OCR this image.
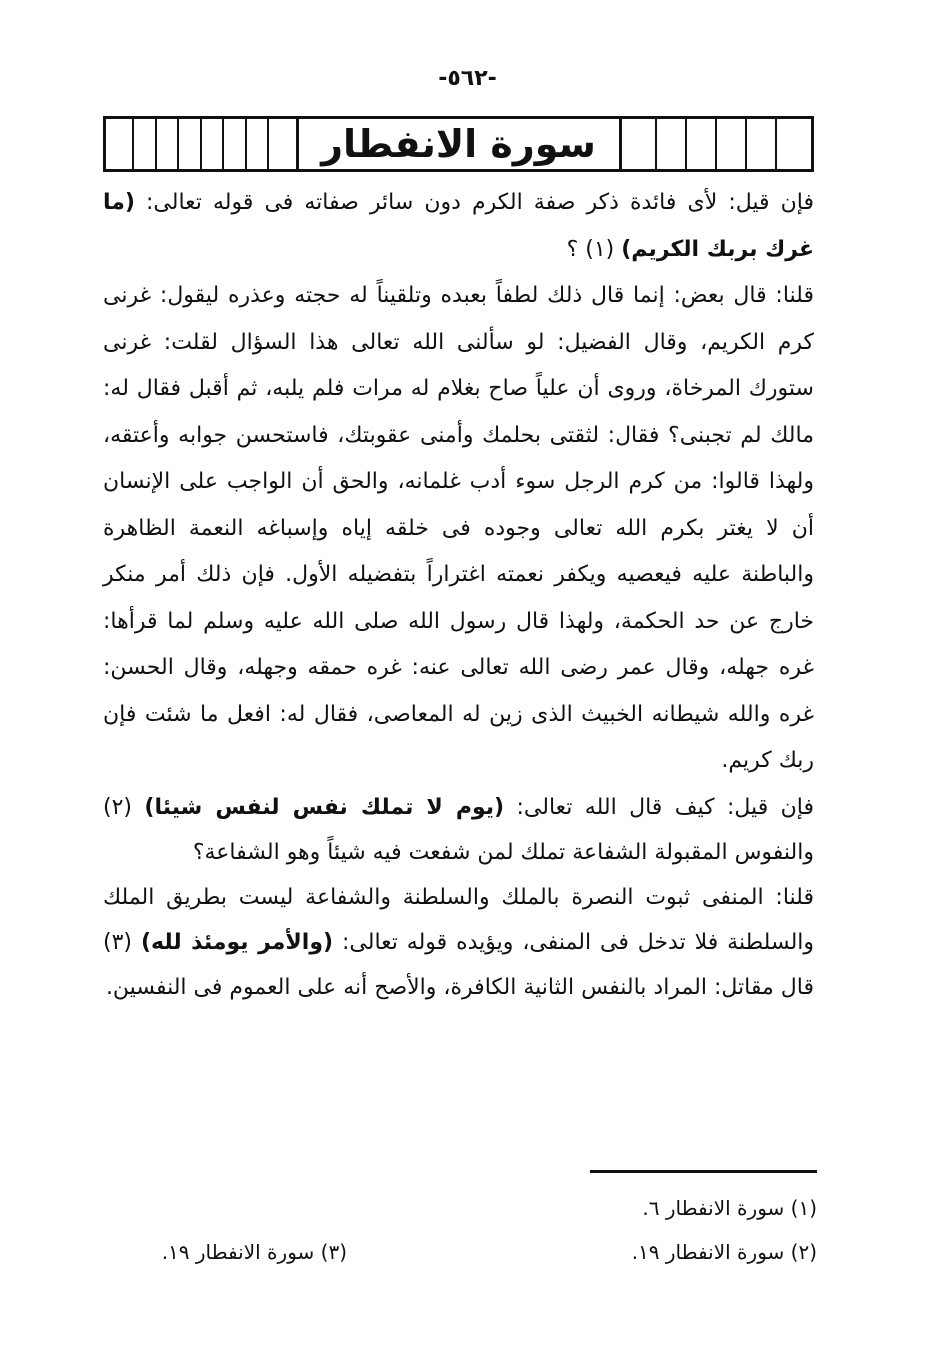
-٥٦٢-
سورة الانفطار

فإن قيل: لأى فائدة ذكر صفة الكرم دون سائر صفاته فى قوله تعالى: (ما غرك بربك الكريم) (١) ؟

قلنا: قال بعض: إنما قال ذلك لطفاً بعبده وتلقيناً له حجته وعذره ليقول: غرنى كرم الكريم، وقال الفضيل: لو سألنى الله تعالى هذا السؤال لقلت: غرنى ستورك المرخاة، وروى أن علياً صاح بغلام له مرات فلم يلبه، ثم أقبل فقال له: مالك لم تجبنى؟ فقال: لثقتى بحلمك وأمنى عقوبتك، فاستحسن جوابه وأعتقه، ولهذا قالوا: من كرم الرجل سوء أدب غلمانه، والحق أن الواجب على الإنسان أن لا يغتر بكرم الله تعالى وجوده فى خلقه إياه وإسباغه النعمة الظاهرة والباطنة عليه فيعصيه ويكفر نعمته اغتراراً بتفضيله الأول. فإن ذلك أمر منكر خارج عن حد الحكمة، ولهذا قال رسول الله صلى الله عليه وسلم لما قرأها: غره جهله، وقال عمر رضى الله تعالى عنه: غره حمقه وجهله، وقال الحسن: غره والله شيطانه الخبيث الذى زين له المعاصى، فقال له: افعل ما شئت فإن ربك كريم.

فإن قيل: كيف قال الله تعالى: (يوم لا تملك نفس لنفس شيئا) (٢) والنفوس المقبولة الشفاعة تملك لمن شفعت فيه شيئاً وهو الشفاعة؟

قلنا: المنفى ثبوت النصرة بالملك والسلطنة والشفاعة ليست بطريق الملك والسلطنة فلا تدخل فى المنفى، ويؤيده قوله تعالى: (والأمر يومئذ لله) (٣) قال مقاتل: المراد بالنفس الثانية الكافرة، والأصح أنه على العموم فى النفسين.

(١) سورة الانفطار ٦.
(٢) سورة الانفطار ١٩.
(٣) سورة الانفطار ١٩.
